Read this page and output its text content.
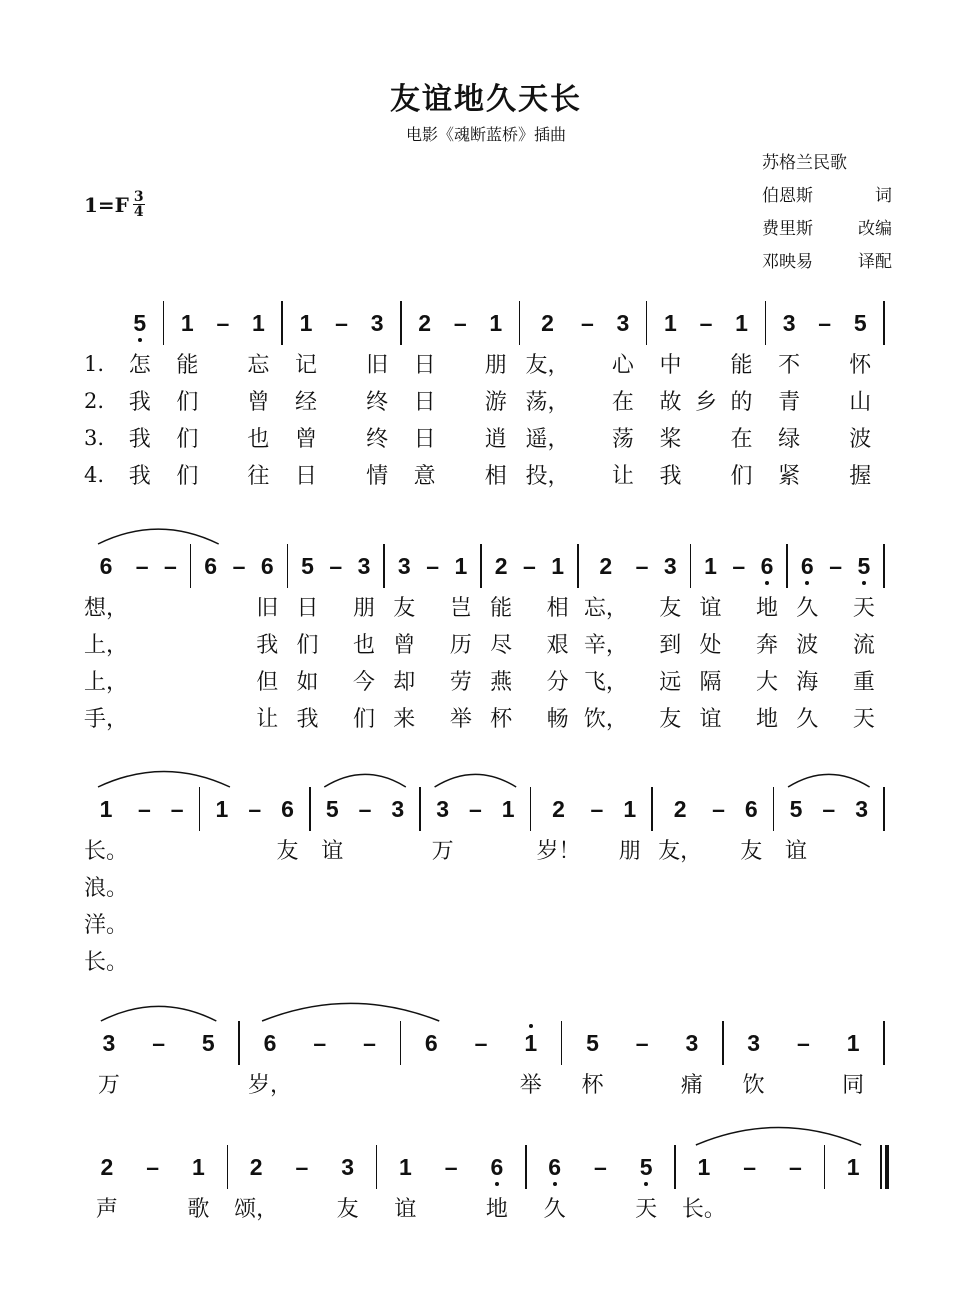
友谊地久天长
电影《魂断蓝桥》插曲
苏格兰民歌
伯恩斯	词
费里斯	改编
邓映易	译配
$1=F \frac{3}{4}$
5	1 – 1	1 – 3	2 – 1	2	– 3	1 – 1	3 – 5
1.	怎	能	忘	记	旧	日	朋 友，	心	中	能	不	怀
2.	我	们	曾	经	终	日	游 荡，	在	故 乡 的	青	山
3.	我	们	也	曾	终	日	逍 遥，	荡	桨	在	绿	波
4.	我	们	往	日	情	意	相 投，	让	我	们	紧	握
6	– –	6 – 6	5 – 3	3 – 1	2 – 1	2	– 3	1 – 6	6 – 5
想，	旧 日 朋 友 岂 能 相 忘， 友 谊 地 久 天
上，	我 们 也 曾 历 尽 艰 辛， 到 处 奔 波 流
上，	但 如 今 却 劳 燕 分 飞， 远 隔 大 海 重
手，	让 我 们 来 举 杯 畅 饮， 友 谊 地 久 天
1	– –	1 – 6	5 – 3	3 – 1	2	– 1	2	– 6	5 – 3
长。	友 谊	万	岁！ 朋 友， 友 谊
浪。
洋。
长。
3	–	5	6	–	–	6	–	1	5	–	3	3	–	1
万	岁，	举	杯	痛	饮	同
2	–	1	2	–	3	1	–	6	6	–	5	1	–	–	1
声	歌	颂，	友	谊	地	久	天	长。
